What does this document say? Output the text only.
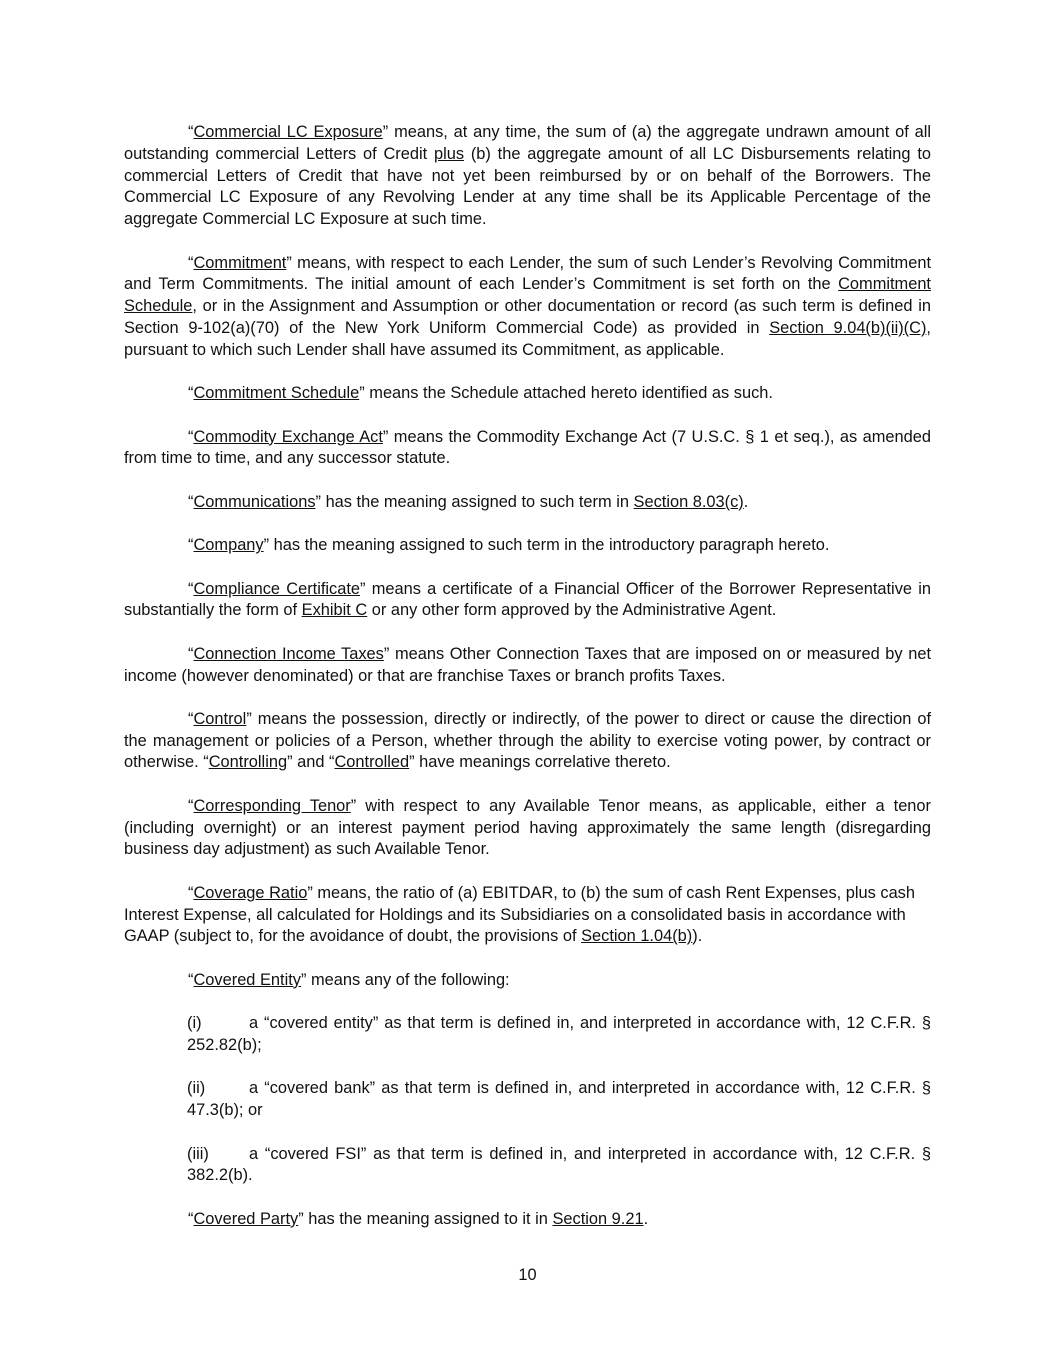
“Commercial LC Exposure” means, at any time, the sum of (a) the aggregate undrawn amount of all outstanding commercial Letters of Credit plus (b) the aggregate amount of all LC Disbursements relating to commercial Letters of Credit that have not yet been reimbursed by or on behalf of the Borrowers. The Commercial LC Exposure of any Revolving Lender at any time shall be its Applicable Percentage of the aggregate Commercial LC Exposure at such time.

“Commitment” means, with respect to each Lender, the sum of such Lender’s Revolving Commitment and Term Commitments. The initial amount of each Lender’s Commitment is set forth on the Commitment Schedule, or in the Assignment and Assumption or other documentation or record (as such term is defined in Section 9-102(a)(70) of the New York Uniform Commercial Code) as provided in Section 9.04(b)(ii)(C), pursuant to which such Lender shall have assumed its Commitment, as applicable.

“Commitment Schedule” means the Schedule attached hereto identified as such.

“Commodity Exchange Act” means the Commodity Exchange Act (7 U.S.C. § 1 et seq.), as amended from time to time, and any successor statute.

“Communications” has the meaning assigned to such term in Section 8.03(c).

“Company” has the meaning assigned to such term in the introductory paragraph hereto.

“Compliance Certificate” means a certificate of a Financial Officer of the Borrower Representative in substantially the form of Exhibit C or any other form approved by the Administrative Agent.

“Connection Income Taxes” means Other Connection Taxes that are imposed on or measured by net income (however denominated) or that are franchise Taxes or branch profits Taxes.

“Control” means the possession, directly or indirectly, of the power to direct or cause the direction of the management or policies of a Person, whether through the ability to exercise voting power, by contract or otherwise. “Controlling” and “Controlled” have meanings correlative thereto.

“Corresponding Tenor” with respect to any Available Tenor means, as applicable, either a tenor (including overnight) or an interest payment period having approximately the same length (disregarding business day adjustment) as such Available Tenor.

“Coverage Ratio” means, the ratio of (a) EBITDAR, to (b) the sum of cash Rent Expenses, plus cash Interest Expense, all calculated for Holdings and its Subsidiaries on a consolidated basis in accordance with GAAP (subject to, for the avoidance of doubt, the provisions of Section 1.04(b)).

“Covered Entity” means any of the following:

(i)	a “covered entity” as that term is defined in, and interpreted in accordance with, 12 C.F.R. § 252.82(b);

(ii)	a “covered bank” as that term is defined in, and interpreted in accordance with, 12 C.F.R. § 47.3(b); or

(iii) a “covered FSI” as that term is defined in, and interpreted in accordance with, 12 C.F.R. § 382.2(b).

“Covered Party” has the meaning assigned to it in Section 9.21.

10
